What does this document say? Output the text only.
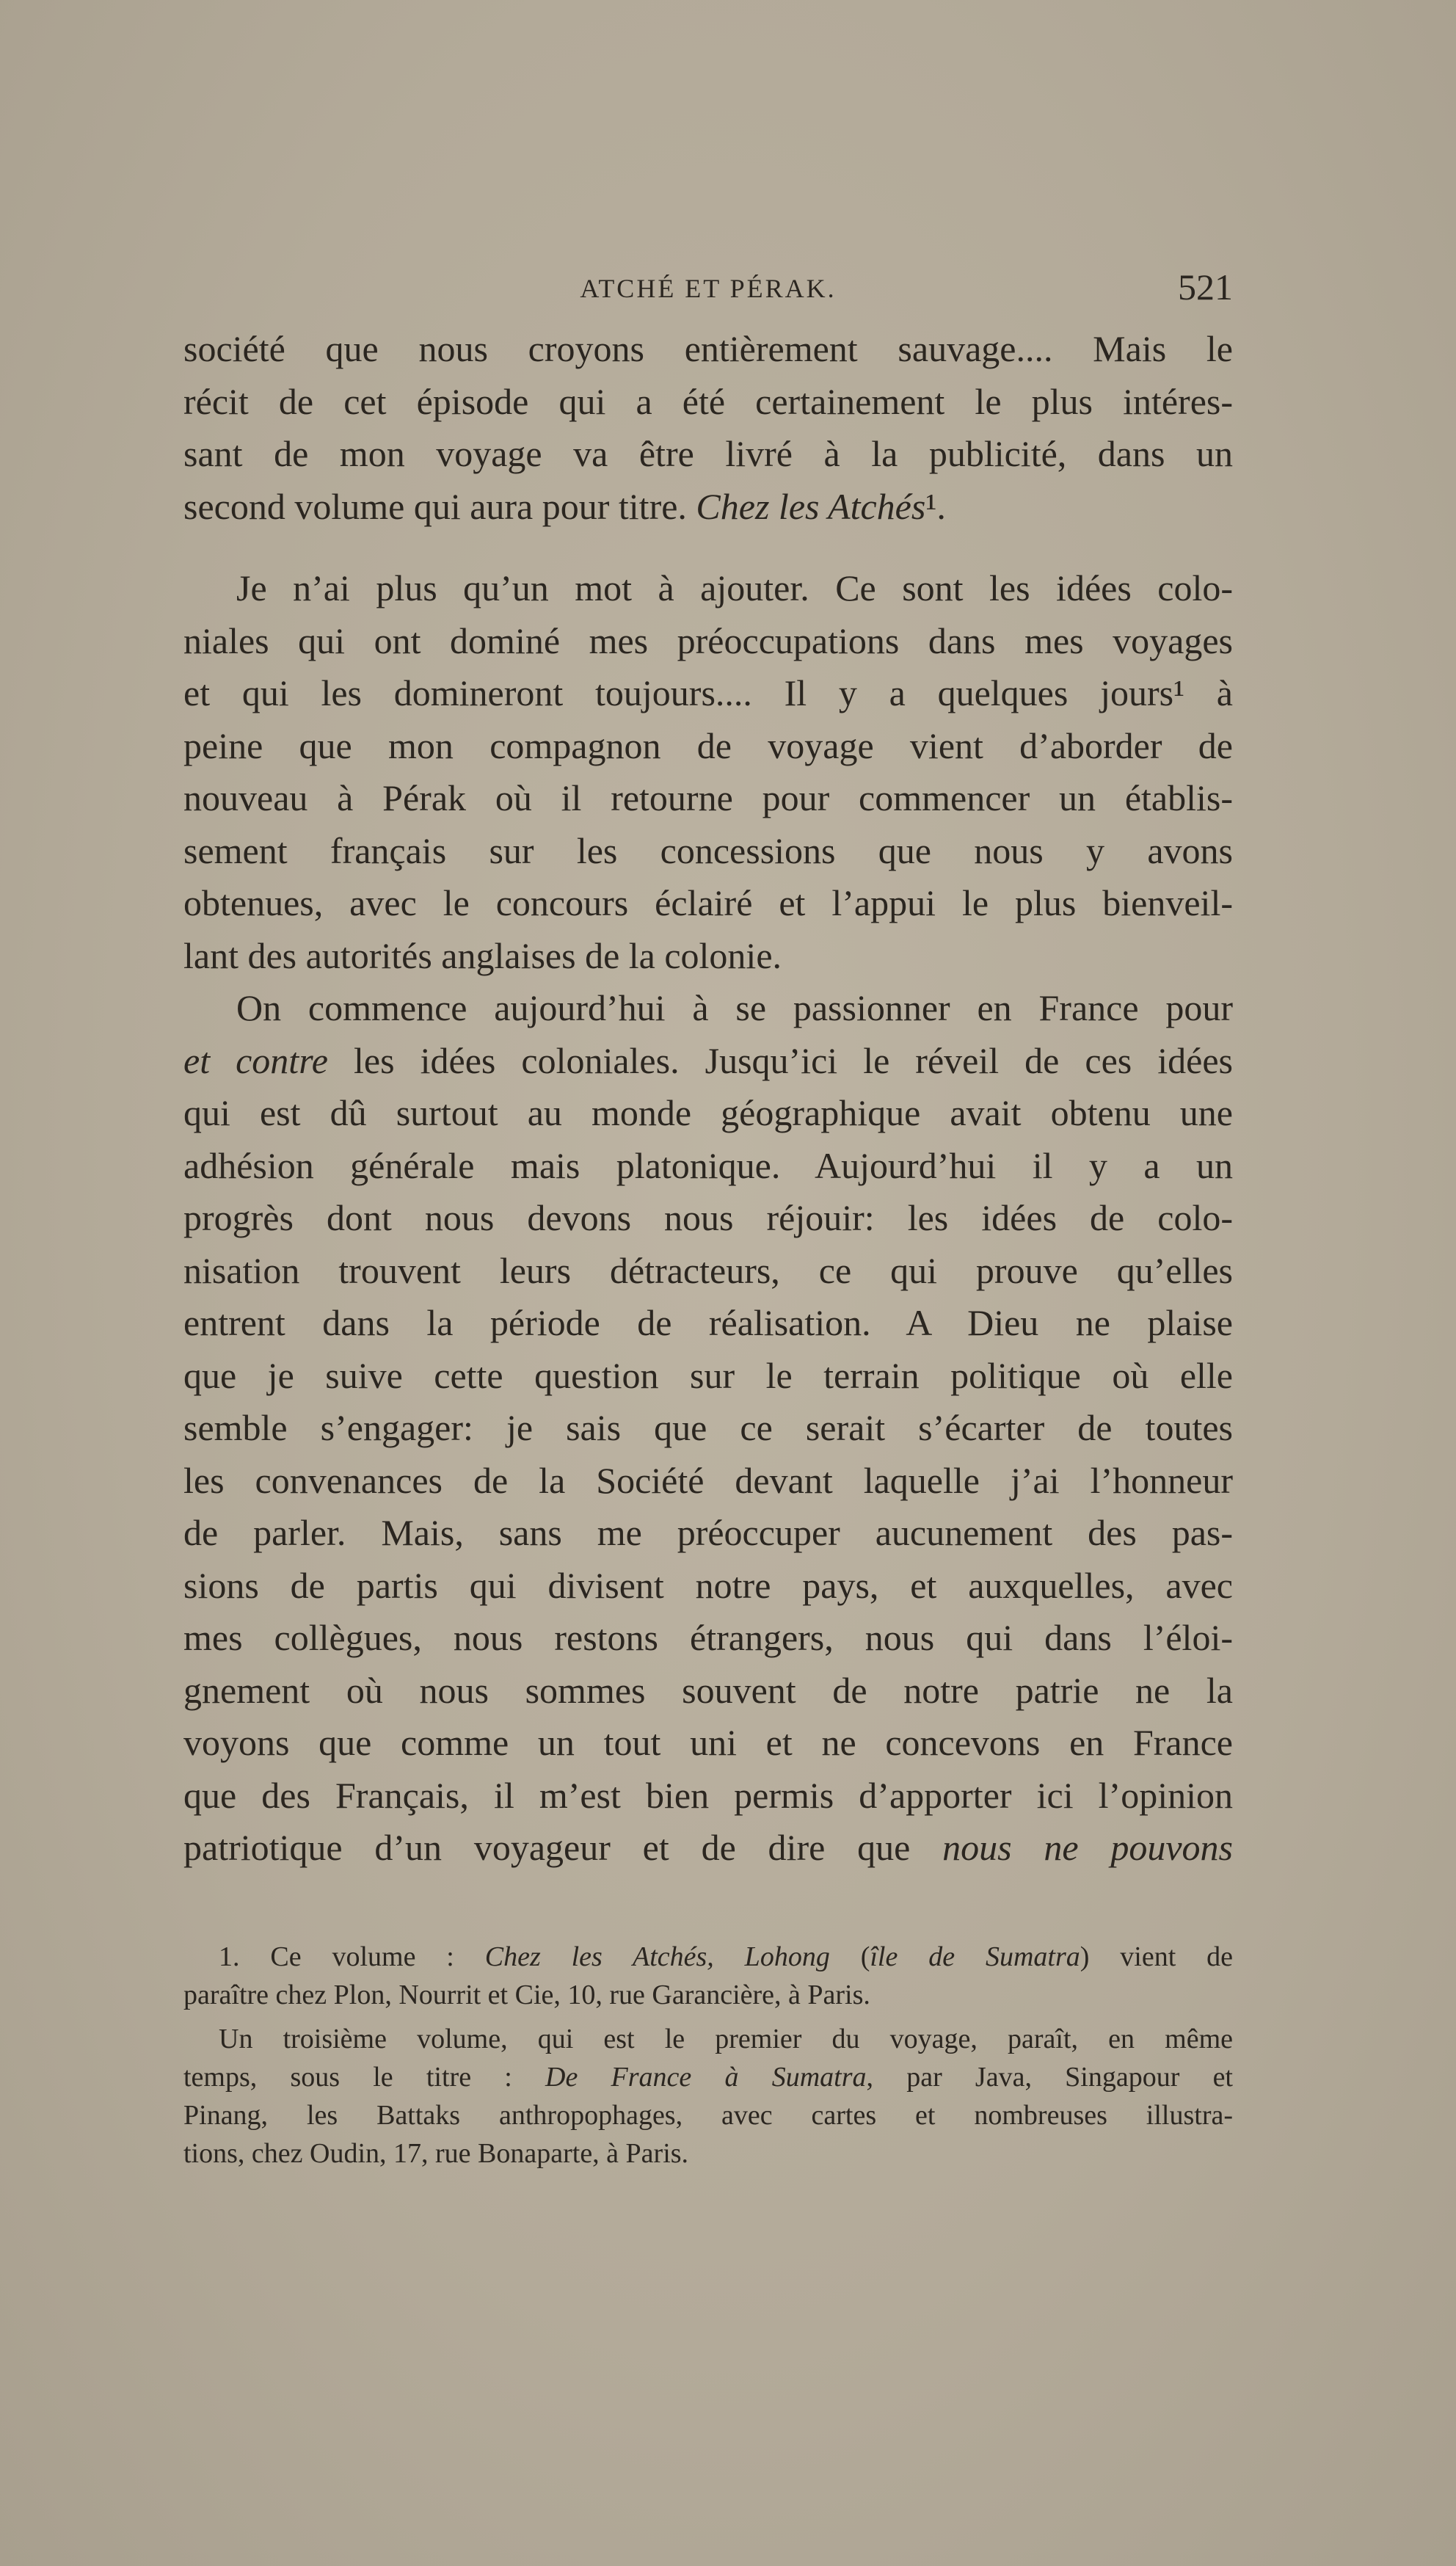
ATCHÉ ET PÉRAK.	521
société que nous croyons entièrement sauvage.... Mais le
récit de cet épisode qui a été certainement le plus intéres-
sant de mon voyage va être livré à la publicité, dans un
second volume qui aura pour titre. Chez les Atchés¹.
Je n’ai plus qu’un mot à ajouter. Ce sont les idées colo-
niales qui ont dominé mes préoccupations dans mes voyages
et qui les domineront toujours.... Il y a quelques jours¹ à
peine que mon compagnon de voyage vient d’aborder de
nouveau à Pérak où il retourne pour commencer un établis-
sement français sur les concessions que nous y avons
obtenues, avec le concours éclairé et l’appui le plus bienveil-
lant des autorités anglaises de la colonie.
On commence aujourd’hui à se passionner en France pour
et contre les idées coloniales. Jusqu’ici le réveil de ces idées
qui est dû surtout au monde géographique avait obtenu une
adhésion générale mais platonique. Aujourd’hui il y a un
progrès dont nous devons nous réjouir: les idées de colo-
nisation trouvent leurs détracteurs, ce qui prouve qu’elles
entrent dans la période de réalisation. A Dieu ne plaise
que je suive cette question sur le terrain politique où elle
semble s’engager: je sais que ce serait s’écarter de toutes
les convenances de la Société devant laquelle j’ai l’honneur
de parler. Mais, sans me préoccuper aucunement des pas-
sions de partis qui divisent notre pays, et auxquelles, avec
mes collègues, nous restons étrangers, nous qui dans l’éloi-
gnement où nous sommes souvent de notre patrie ne la
voyons que comme un tout uni et ne concevons en France
que des Français, il m’est bien permis d’apporter ici l’opinion
patriotique d’un voyageur et de dire que nous ne pouvons
1. Ce volume : Chez les Atchés, Lohong (île de Sumatra) vient de
paraître chez Plon, Nourrit et Cie, 10, rue Garancière, à Paris.
Un troisième volume, qui est le premier du voyage, paraît, en même
temps, sous le titre : De France à Sumatra, par Java, Singapour et
Pinang, les Battaks anthropophages, avec cartes et nombreuses illustra-
tions, chez Oudin, 17, rue Bonaparte, à Paris.
